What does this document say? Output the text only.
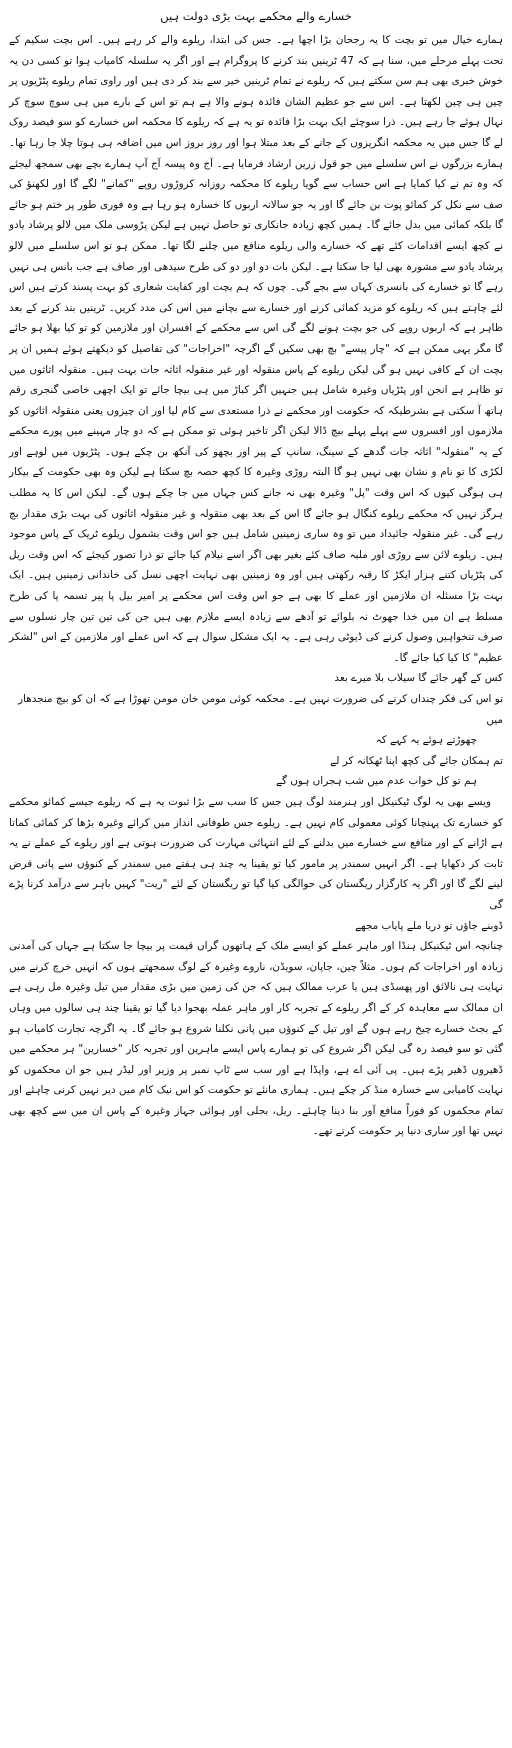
خسارے والے محکمے بہت بڑی دولت ہیں

ہمارے خیال میں تو بچت کا یہ رجحان بڑا اچھا ہے۔ جس کی ابتدا، ریلوے والے کر رہے ہیں۔ اس بچت سکیم کے تحت پہلے مرحلے میں، سنا ہے کہ 47 ٹرینیں بند کرنے کا پروگرام ہے اور اگر یہ سلسلہ کامیاب ہوا تو کسی دن یہ خوش خبری بھی ہم سن سکتے ہیں کہ ریلوے نے تمام ٹرینیں خیر سے بند کر دی ہیں اور راوی تمام ریلوے پٹڑیوں پر چین ہی چین لکھتا ہے۔ اس سے جو عظیم الشان فائدہ ہونے والا ہے ہم تو اس کے بارے میں ہی سوچ سوچ کر نہال ہوئے جا رہے ہیں۔ ذرا سوچئے ایک بہت بڑا فائدہ تو یہ ہے کہ ریلوے کا محکمہ اس خسارے کو سو فیصد روک لے گا جس میں یہ محکمہ انگریزوں کے جانے کے بعد مبتلا ہوا اور روز بروز اس میں اضافہ ہی ہوتا چلا جا رہا تھا۔ ہمارے بزرگوں نے اس سلسلے میں جو قول زریں ارشاد فرمایا ہے۔ آج وہ پیسہ آج آپ ہمارے بچے بھی سمجھ لیجئے کہ وہ تم نے کیا کمایا ہے اس حساب سے گویا ریلوے کا محکمہ روزانہ کروڑوں روپے "کمانے" لگے گا اور لکھنؤ کی صف سے نکل کر کمائو پوت بن جائے گا اور یہ جو سالانہ اربوں کا خسارہ ہو رہا ہے وہ فوری طور پر ختم ہو جائے گا بلکہ کمائی میں بدل جائے گا۔ ہمیں کچھ زیادہ جانکاری تو حاصل نہیں ہے لیکن پڑوسی ملک میں لالو پرشاد یادو نے کچھ ایسے اقدامات کئے تھے کہ خسارے والی ریلوے منافع میں چلنے لگا تھا۔ ممکن ہو تو اس سلسلے میں لالو پرشاد یادو سے مشورہ بھی لیا جا سکتا ہے۔ لیکن بات دو اور دو کی طرح سیدھی اور صاف ہے جب بانس ہی نہیں رہے گا تو خسارے کی بانسری کہاں سے بجے گی۔ چوں کہ ہم بچت اور کفایت شعاری کو بہت پسند کرتے ہیں اس لئے چاہتے ہیں کہ ریلوے کو مزید کمائی کرنے اور خسارے سے بچانے میں اس کی مدد کریں۔ ٹرینیں بند کرنے کے بعد ظاہر ہے کہ اربوں روپے کی جو بچت ہونے لگے گی اس سے محکمے کے افسران اور ملازمین کو تو کیا بھلا ہو جائے گا مگر یہی ممکن ہے کہ "چار پیسے" بچ بھی سکیں گے اگرچہ "اخراجات" کی تفاصیل کو دیکھتے ہوئے ہمیں ان پر بچت ان کے کافی نہیں ہو گی لیکن ریلوے کے پاس منقولہ اور غیر منقولہ اثاثہ جات بہت ہیں۔ منقولہ اثاثوں میں تو ظاہر ہے انجن اور پٹڑیاں وغیرہ شامل ہیں جنہیں اگر کباڑ میں ہی بیچا جائے تو ایک اچھی خاصی گنجری رقم ہاتھ آ سکتی ہے بشرطیکہ کہ حکومت اور محکمے نے ذرا مستعدی سے کام لیا اور ان چیزوں یعنی منقولہ اثاثوں کو ملازموں اور افسروں سے پہلے پہلے بیچ ڈالا لیکن اگر تاخیر ہوئی تو ممکن ہے کہ دو چار مہینے میں پورے محکمے کے یہ "منقولہ" اثاثہ جات گدھے کے سینگ، سانپ کے پیر اور بچھو کی آنکھ بن چکے ہوں۔ پٹڑیوں میں لوہے اور لکڑی کا تو نام و نشان بھی نہیں ہو گا البتہ روڑی وغیرہ کا کچھ حصہ بچ سکتا ہے لیکن وہ بھی حکومت کے بیکار ہی ہوگی کیوں کہ اس وقت "پل" وغیرہ بھی نہ جانے کس جہاں میں جا چکے ہوں گے۔ لیکن اس کا یہ مطلب ہرگز نہیں کہ محکمے ریلوے کنگال ہو جائے گا اس کے بعد بھی منقولہ و غیر منقولہ اثاثوں کی بہت بڑی مقدار بچ رہے گی۔ غیر منقولہ جائیداد میں تو وہ ساری زمینیں شامل ہیں جو اس وقت بشمول ریلوے ٹریک کے پاس موجود ہیں۔ ریلوے لائن سے روڑی اور ملبہ صاف کئے بغیر بھی اگر اسے نیلام کیا جائے تو ذرا تصور کیجئے کہ اس وقت ریل کی پٹڑیاں کتنے ہزار ایکڑ کا رقبہ رکھتی ہیں اور وہ زمینیں بھی نہایت اچھی نسل کی خاندانی زمینیں ہیں۔ ایک بہت بڑا مسئلہ ان ملازمین اور عملے کا بھی ہے جو اس وقت اس محکمے پر امیر بیل پا پیر تسمہ پا کی طرح مسلط ہے ان میں خدا جھوٹ نہ بلوائے تو آدھے سے زیادہ ایسے ملازم بھی ہیں جن کی تین تین چار نسلوں سے صرف تنخواہیں وصول کرنے کی ڈیوٹی رہی ہے۔ یہ ایک مشکل سوال ہے کہ اس عملے اور ملازمین کے اس "لشکر عظیم" کا کیا کیا جائے گا۔

کس کے گھر جائے گا سیلاب بلا میرے بعد

تو اس کی فکر چنداں کرنے کی ضرورت نہیں ہے۔ محکمہ کوئی مومن خان مومن تھوڑا ہے کہ ان کو بیچ منجدھار میں

چھوڑتے ہوئے یہ کہے کہ

تم ہمکان جائے گی کچھ اپنا ٹھکانہ کر لے

ہم تو کل خواب عدم میں شب ہجراں ہوں گے

ویسے بھی یہ لوگ ٹیکنیکل اور ہنرمند لوگ ہیں جس کا سب سے بڑا ثبوت یہ ہے کہ ریلوے جیسے کمائو محکمے کو خسارے تک پہنچانا کوئی معمولی کام نہیں ہے۔ ریلوے جس طوفانی انداز میں کرائے وغیرہ بڑھا کر کمائی کماتا ہے اڑانے کے اور منافع سے خسارے میں بدلنے کے لئے انتہائی مہارت کی ضرورت ہوتی ہے اور ریلوے کے عملے نے یہ ثابت کر دکھایا ہے۔ اگر انہیں سمندر پر مامور کیا تو یقینا یہ چند ہی ہفتے میں سمندر کے کنوؤں سے پانی قرض لینے لگے گا اور اگر یہ کارگزار ریگستان کی حوالگی کیا گیا تو ریگستان کے لئے "ریت" کہیں باہر سے درآمد کرنا پڑے گی

ڈوبنے جاؤں تو دریا ملے پایاب مجھے

چنانچہ اس ٹیکنیکل ہنڈا اور ماہر عملے کو ایسے ملک کے ہاتھوں گراں قیمت پر بیچا جا سکتا ہے جہاں کی آمدنی زیادہ اور اخراجات کم ہوں۔ مثلاً چین، جاپان، سویڈن، ناروے وغیرہ کے لوگ سمجھتے ہوں کہ انہیں خرچ کرنے میں نہایت ہی نالائق اور پھسڈی ہیں یا عرب ممالک ہیں کہ جن کی زمین میں بڑی مقدار میں تیل وغیرہ مل رہی ہے ان ممالک سے معاہدہ کر کے اگر ریلوے کے تجربہ کار اور ماہر عملہ بھجوا دیا گیا تو یقینا چند ہی سالوں میں وہاں کے بجٹ خسارے چیخ رہے ہوں گے اور تیل کے کنوؤں میں پانی نکلنا شروع ہو جائے گا۔ یہ اگرچہ تجارت کامیاب ہو گئی تو سو فیصد رہ گی لیکن اگر شروع کی تو ہمارے پاس ایسے ماہرین اور تجربہ کار "خسارین" ہر محکمے میں ڈھیروں ڈھیر پڑے ہیں۔ پی آئی اے ہے، واپڈا ہے اور سب سے ٹاپ نمبر پر وزیر اور لیڈر ہیں جو ان محکموں کو نہایت کامیابی سے خسارہ منڈ کر چکے ہیں۔ ہماری مانئے تو حکومت کو اس نیک کام میں دیر نہیں کرنی چاہئے اور تمام محکموں کو فوراً منافع آور بنا دینا چاہئے۔ ریل، بجلی اور ہوائی جہاز وغیرہ کے پاس ان میں سے کچھ بھی نہیں تھا اور ساری دنیا پر حکومت کرتے تھے۔
